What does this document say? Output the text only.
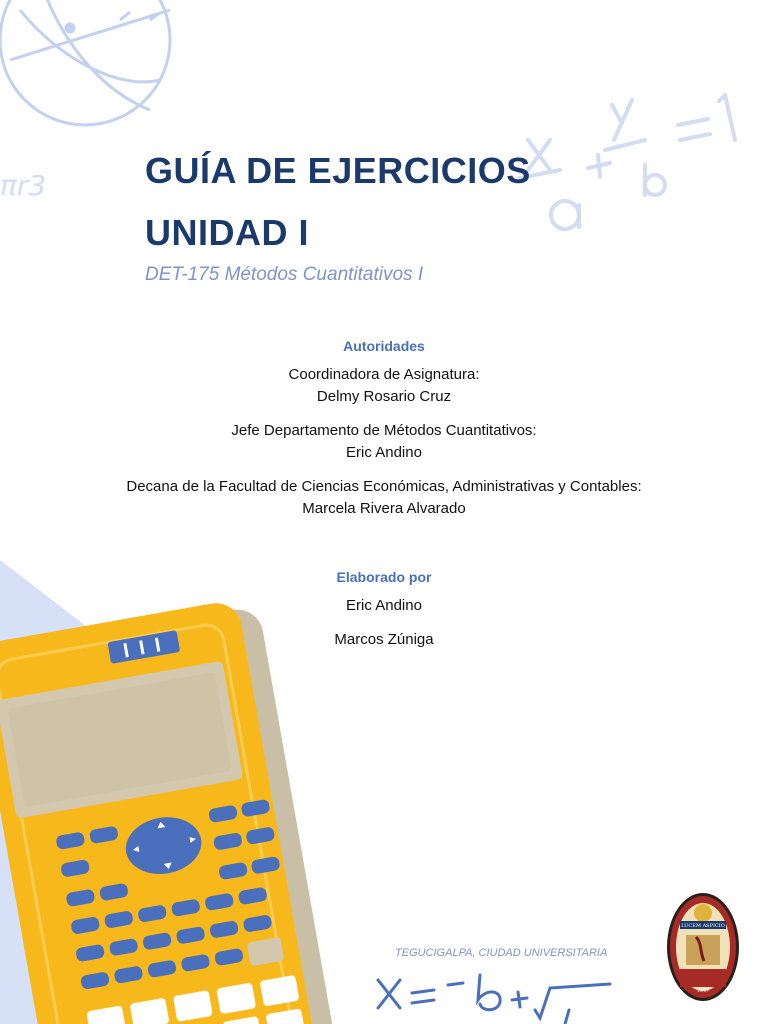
πr3	GUÍA DE EJERCICIOS
UNIDAD I
DET-175 Métodos Cuantitativos I
Autoridades

Coordinadora de Asignatura:

Delmy Rosario Cruz

Jefe Departamento de Métodos Cuantitativos:

Eric Andino

Decana de la Facultad de Ciencias Económicas, Administrativas y Contables:

Marcela Rivera Alvarado

Elaborado por

Eric Andino

Marcos Zúniga

TEGUCIGALPA, CIUDAD UNIVERSITARIA
LUCEM ASPICIO
1847
